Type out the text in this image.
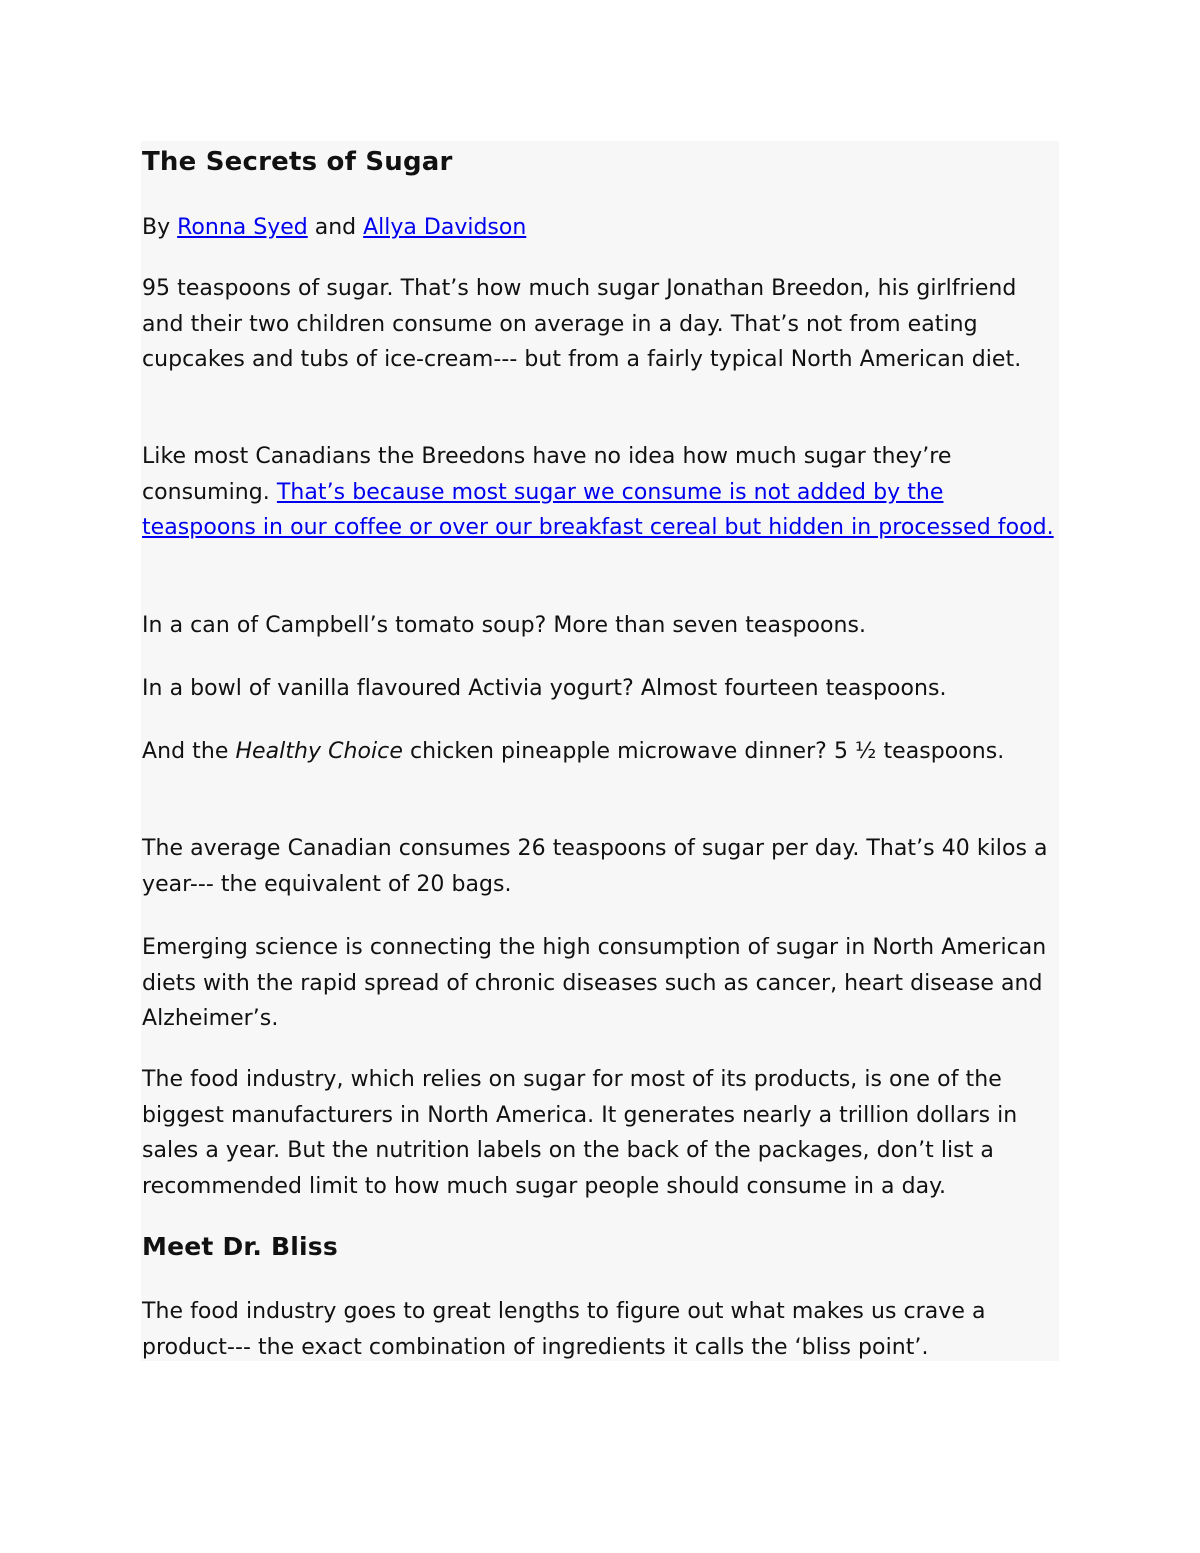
The Secrets of Sugar

By Ronna Syed and Allya Davidson

95 teaspoons of sugar. That’s how much sugar Jonathan Breedon, his girlfriend and their two children consume on average in a day. That’s not from eating cupcakes and tubs of ice-cream--- but from a fairly typical North American diet.

Like most Canadians the Breedons have no idea how much sugar they’re consuming. That’s because most sugar we consume is not added by the teaspoons in our coffee or over our breakfast cereal but hidden in processed food.

In a can of Campbell’s tomato soup? More than seven teaspoons.

In a bowl of vanilla flavoured Activia yogurt? Almost fourteen teaspoons.

And the Healthy Choice chicken pineapple microwave dinner? 5 ½ teaspoons.

The average Canadian consumes 26 teaspoons of sugar per day. That’s 40 kilos a year--- the equivalent of 20 bags.

Emerging science is connecting the high consumption of sugar in North American diets with the rapid spread of chronic diseases such as cancer, heart disease and Alzheimer’s.

The food industry, which relies on sugar for most of its products, is one of the biggest manufacturers in North America. It generates nearly a trillion dollars in sales a year. But the nutrition labels on the back of the packages, don’t list a recommended limit to how much sugar people should consume in a day.

Meet Dr. Bliss

The food industry goes to great lengths to figure out what makes us crave a product--- the exact combination of ingredients it calls the ‘bliss point’.
